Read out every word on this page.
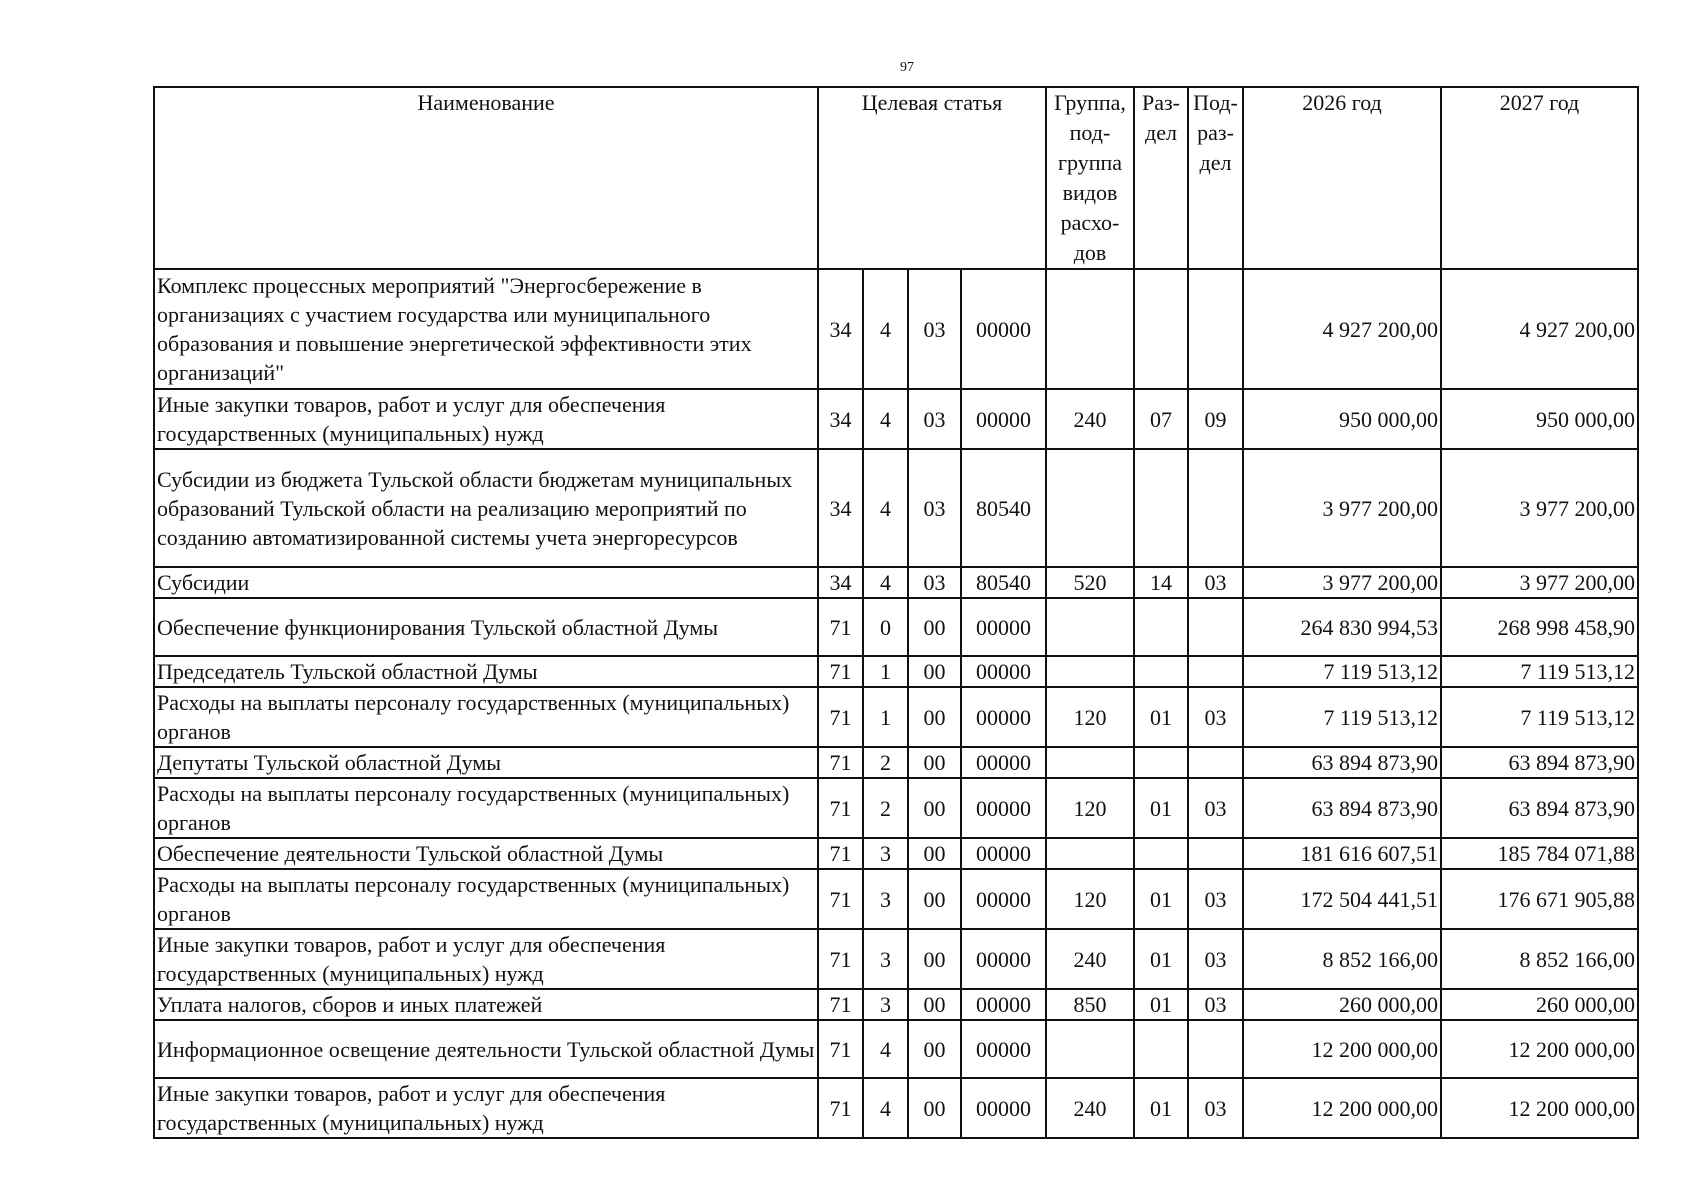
97
Наименование	Целевая статья				Группа, под-группа видов расхо-дов	Раз-дел	Под-раз-дел	2026 год	2027 год
Комплекс процессных мероприятий "Энергосбережение в организациях с участием государства или муниципального образования и повышение энергетической эффективности этих организаций"	34	4	03	00000				4 927 200,00	4 927 200,00
Иные закупки товаров, работ и услуг для обеспечения государственных (муниципальных) нужд	34	4	03	00000	240	07	09	950 000,00	950 000,00
Субсидии из бюджета Тульской области бюджетам муниципальных образований Тульской области на реализацию мероприятий по созданию автоматизированной системы учета энергоресурсов	34	4	03	80540				3 977 200,00	3 977 200,00
Субсидии	34	4	03	80540	520	14	03	3 977 200,00	3 977 200,00
Обеспечение функционирования Тульской областной Думы	71	0	00	00000				264 830 994,53	268 998 458,90
Председатель Тульской областной Думы	71	1	00	00000				7 119 513,12	7 119 513,12
Расходы на выплаты персоналу государственных (муниципальных) органов	71	1	00	00000	120	01	03	7 119 513,12	7 119 513,12
Депутаты Тульской областной Думы	71	2	00	00000				63 894 873,90	63 894 873,90
Расходы на выплаты персоналу государственных (муниципальных) органов	71	2	00	00000	120	01	03	63 894 873,90	63 894 873,90
Обеспечение деятельности Тульской областной Думы	71	3	00	00000				181 616 607,51	185 784 071,88
Расходы на выплаты персоналу государственных (муниципальных) органов	71	3	00	00000	120	01	03	172 504 441,51	176 671 905,88
Иные закупки товаров, работ и услуг для обеспечения государственных (муниципальных) нужд	71	3	00	00000	240	01	03	8 852 166,00	8 852 166,00
Уплата налогов, сборов и иных платежей	71	3	00	00000	850	01	03	260 000,00	260 000,00
Информационное освещение деятельности Тульской областной Думы	71	4	00	00000				12 200 000,00	12 200 000,00
Иные закупки товаров, работ и услуг для обеспечения государственных (муниципальных) нужд	71	4	00	00000	240	01	03	12 200 000,00	12 200 000,00
